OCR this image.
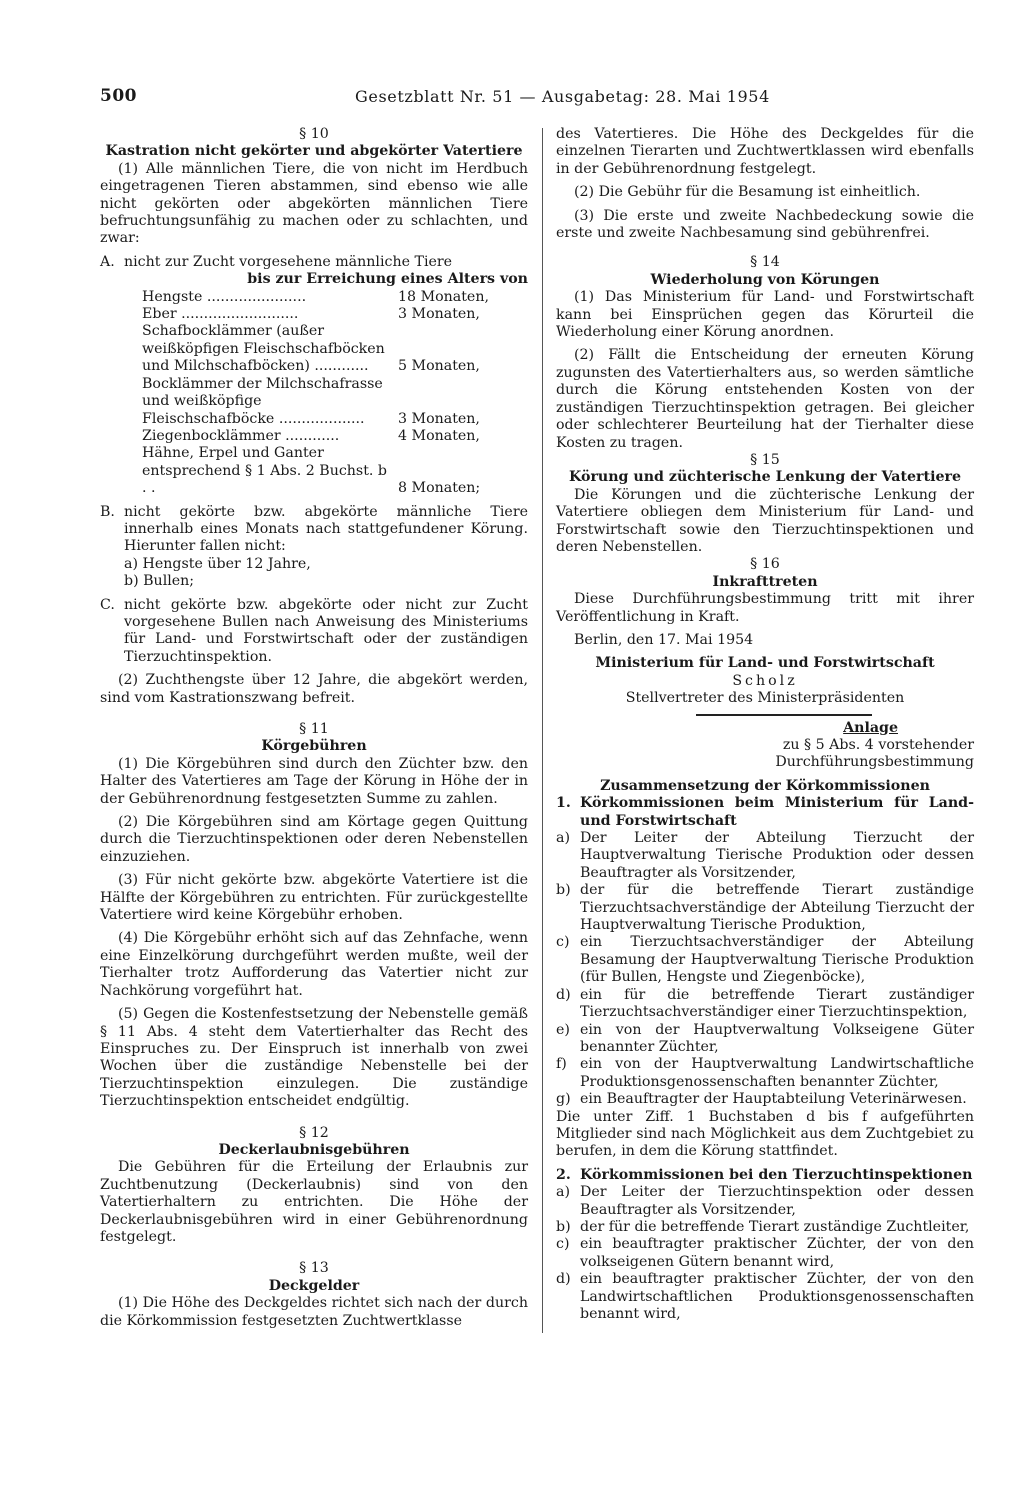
500	Gesetzblatt Nr. 51 — Ausgabetag: 28. Mai 1954

§ 10

Kastration nicht gekörter und abgekörter Vatertiere

(1) Alle männlichen Tiere, die von nicht im Herdbuch eingetragenen Tieren abstammen, sind ebenso wie alle nicht gekörten oder abgekörten männlichen Tiere befruchtungsunfähig zu machen oder zu schlachten, und zwar:

A. nicht zur Zucht vorgesehene männliche Tiere

bis zur Erreichung eines Alters von

Hengste ......................	18 Monaten,
Eber ..........................	3 Monaten,
Schafbocklämmer (außer weißköpfigen Fleischschafböcken und Milchschafböcken) ............	5 Monaten,
Bocklämmer der Milchschafrasse und weißköpfige Fleischschafböcke ...................	3 Monaten,
Ziegenbocklämmer ............	4 Monaten,
Hähne, Erpel und Ganter entsprechend § 1 Abs. 2 Buchst. b . .	8 Monaten;
B. nicht gekörte bzw. abgekörte männliche Tiere innerhalb eines Monats nach stattgefundener Körung. Hierunter fallen nicht:
a) Hengste über 12 Jahre,
b) Bullen;
C. nicht gekörte bzw. abgekörte oder nicht zur Zucht vorgesehene Bullen nach Anweisung des Ministeriums für Land- und Forstwirtschaft oder der zuständigen Tierzuchtinspektion.

(2) Zuchthengste über 12 Jahre, die abgekört werden, sind vom Kastrationszwang befreit.

§ 11

Körgebühren

(1) Die Körgebühren sind durch den Züchter bzw. den Halter des Vatertieres am Tage der Körung in Höhe der in der Gebührenordnung festgesetzten Summe zu zahlen.

(2) Die Körgebühren sind am Körtage gegen Quittung durch die Tierzuchtinspektionen oder deren Nebenstellen einzuziehen.

(3) Für nicht gekörte bzw. abgekörte Vatertiere ist die Hälfte der Körgebühren zu entrichten. Für zurückgestellte Vatertiere wird keine Körgebühr erhoben.

(4) Die Körgebühr erhöht sich auf das Zehnfache, wenn eine Einzelkörung durchgeführt werden mußte, weil der Tierhalter trotz Aufforderung das Vatertier nicht zur Nachkörung vorgeführt hat.

(5) Gegen die Kostenfestsetzung der Nebenstelle gemäß § 11 Abs. 4 steht dem Vatertierhalter das Recht des Einspruches zu. Der Einspruch ist innerhalb von zwei Wochen über die zuständige Nebenstelle bei der Tierzuchtinspektion einzulegen. Die zuständige Tierzuchtinspektion entscheidet endgültig.

§ 12

Deckerlaubnisgebühren

Die Gebühren für die Erteilung der Erlaubnis zur Zuchtbenutzung (Deckerlaubnis) sind von den Vatertierhaltern zu entrichten. Die Höhe der Deckerlaubnisgebühren wird in einer Gebührenordnung festgelegt.

§ 13

Deckgelder

(1) Die Höhe des Deckgeldes richtet sich nach der durch die Körkommission festgesetzten Zuchtwertklasse

des Vatertieres. Die Höhe des Deckgeldes für die einzelnen Tierarten und Zuchtwertklassen wird ebenfalls in der Gebührenordnung festgelegt.

(2) Die Gebühr für die Besamung ist einheitlich.

(3) Die erste und zweite Nachbedeckung sowie die erste und zweite Nachbesamung sind gebührenfrei.

§ 14

Wiederholung von Körungen

(1) Das Ministerium für Land- und Forstwirtschaft kann bei Einsprüchen gegen das Körurteil die Wiederholung einer Körung anordnen.

(2) Fällt die Entscheidung der erneuten Körung zugunsten des Vatertierhalters aus, so werden sämtliche durch die Körung entstehenden Kosten von der zuständigen Tierzuchtinspektion getragen. Bei gleicher oder schlechterer Beurteilung hat der Tierhalter diese Kosten zu tragen.

§ 15

Körung und züchterische Lenkung der Vatertiere

Die Körungen und die züchterische Lenkung der Vatertiere obliegen dem Ministerium für Land- und Forstwirtschaft sowie den Tierzuchtinspektionen und deren Nebenstellen.

§ 16

Inkrafttreten

Diese Durchführungsbestimmung tritt mit ihrer Veröffentlichung in Kraft.

Berlin, den 17. Mai 1954

Ministerium für Land- und Forstwirtschaft

Scholz

Stellvertreter des Ministerpräsidenten

Anlage

zu § 5 Abs. 4 vorstehender

Durchführungsbestimmung

Zusammensetzung der Körkommissionen

1. Körkommissionen beim Ministerium für Land- und Forstwirtschaft
a) Der Leiter der Abteilung Tierzucht der Hauptverwaltung Tierische Produktion oder dessen Beauftragter als Vorsitzender,
b) der für die betreffende Tierart zuständige Tierzuchtsachverständige der Abteilung Tierzucht der Hauptverwaltung Tierische Produktion,
c) ein Tierzuchtsachverständiger der Abteilung Besamung der Hauptverwaltung Tierische Produktion (für Bullen, Hengste und Ziegenböcke),
d) ein für die betreffende Tierart zuständiger Tierzuchtsachverständiger einer Tierzuchtinspektion,
e) ein von der Hauptverwaltung Volkseigene Güter benannter Züchter,
f) ein von der Hauptverwaltung Landwirtschaftliche Produktionsgenossenschaften benannter Züchter,
g) ein Beauftragter der Hauptabteilung Veterinärwesen.

Die unter Ziff. 1 Buchstaben d bis f aufgeführten Mitglieder sind nach Möglichkeit aus dem Zuchtgebiet zu berufen, in dem die Körung stattfindet.

2. Körkommissionen bei den Tierzuchtinspektionen
a) Der Leiter der Tierzuchtinspektion oder dessen Beauftragter als Vorsitzender,
b) der für die betreffende Tierart zuständige Zuchtleiter,
c) ein beauftragter praktischer Züchter, der von den volkseigenen Gütern benannt wird,
d) ein beauftragter praktischer Züchter, der von den Landwirtschaftlichen Produktionsgenossenschaften benannt wird,
